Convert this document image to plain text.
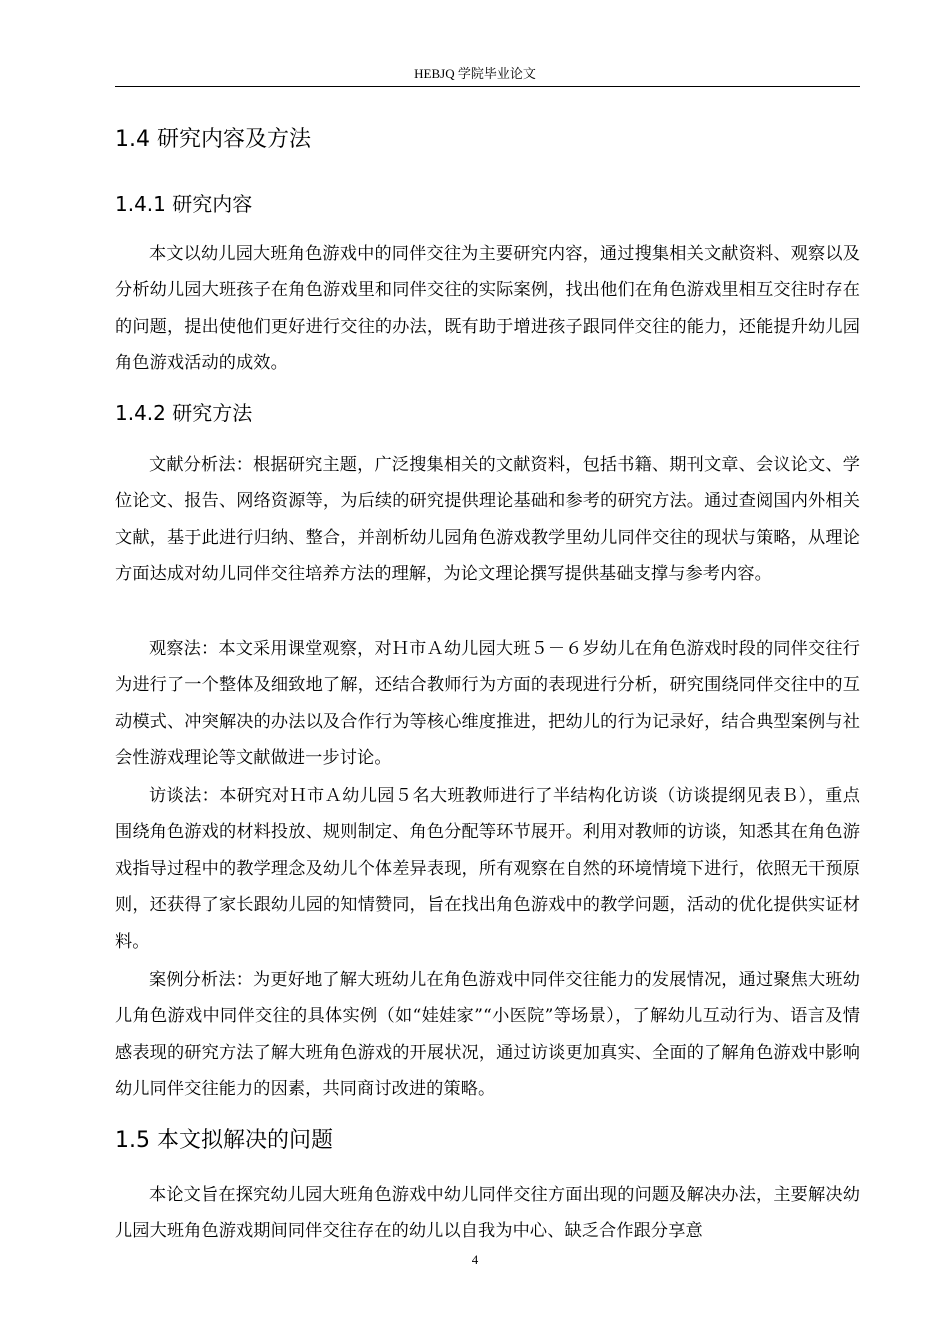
HEBJQ 学院毕业论文
1.4 研究内容及方法
1.4.1 研究内容

本文以幼儿园大班角色游戏中的同伴交往为主要研究内容，通过搜集相关文献资料、观察以及分析幼儿园大班孩子在角色游戏里和同伴交往的实际案例，找出他们在角色游戏里相互交往时存在的问题，提出使他们更好进行交往的办法，既有助于增进孩子跟同伴交往的能力，还能提升幼儿园角色游戏活动的成效。

1.4.2 研究方法

文献分析法：根据研究主题，广泛搜集相关的文献资料，包括书籍、期刊文章、会议论文、学位论文、报告、网络资源等，为后续的研究提供理论基础和参考的研究方法。通过查阅国内外相关文献，基于此进行归纳、整合，并剖析幼儿园角色游戏教学里幼儿同伴交往的现状与策略，从理论方面达成对幼儿同伴交往培养方法的理解，为论文理论撰写提供基础支撑与参考内容。

观察法：本文采用课堂观察，对Ｈ市Ａ幼儿园大班５－６岁幼儿在角色游戏时段的同伴交往行为进行了一个整体及细致地了解，还结合教师行为方面的表现进行分析，研究围绕同伴交往中的互动模式、冲突解决的办法以及合作行为等核心维度推进，把幼儿的行为记录好，结合典型案例与社会性游戏理论等文献做进一步讨论。

访谈法：本研究对Ｈ市Ａ幼儿园５名大班教师进行了半结构化访谈（访谈提纲见表Ｂ），重点围绕角色游戏的材料投放、规则制定、角色分配等环节展开。利用对教师的访谈，知悉其在角色游戏指导过程中的教学理念及幼儿个体差异表现，所有观察在自然的环境情境下进行，依照无干预原则，还获得了家长跟幼儿园的知情赞同，旨在找出角色游戏中的教学问题，活动的优化提供实证材料。

案例分析法：为更好地了解大班幼儿在角色游戏中同伴交往能力的发展情况，通过聚焦大班幼儿角色游戏中同伴交往的具体实例（如“娃娃家”“小医院”等场景），了解幼儿互动行为、语言及情感表现的研究方法了解大班角色游戏的开展状况，通过访谈更加真实、全面的了解角色游戏中影响幼儿同伴交往能力的因素，共同商讨改进的策略。

1.5 本文拟解决的问题

本论文旨在探究幼儿园大班角色游戏中幼儿同伴交往方面出现的问题及解决办法，主要解决幼儿园大班角色游戏期间同伴交往存在的幼儿以自我为中心、缺乏合作跟分享意

4
